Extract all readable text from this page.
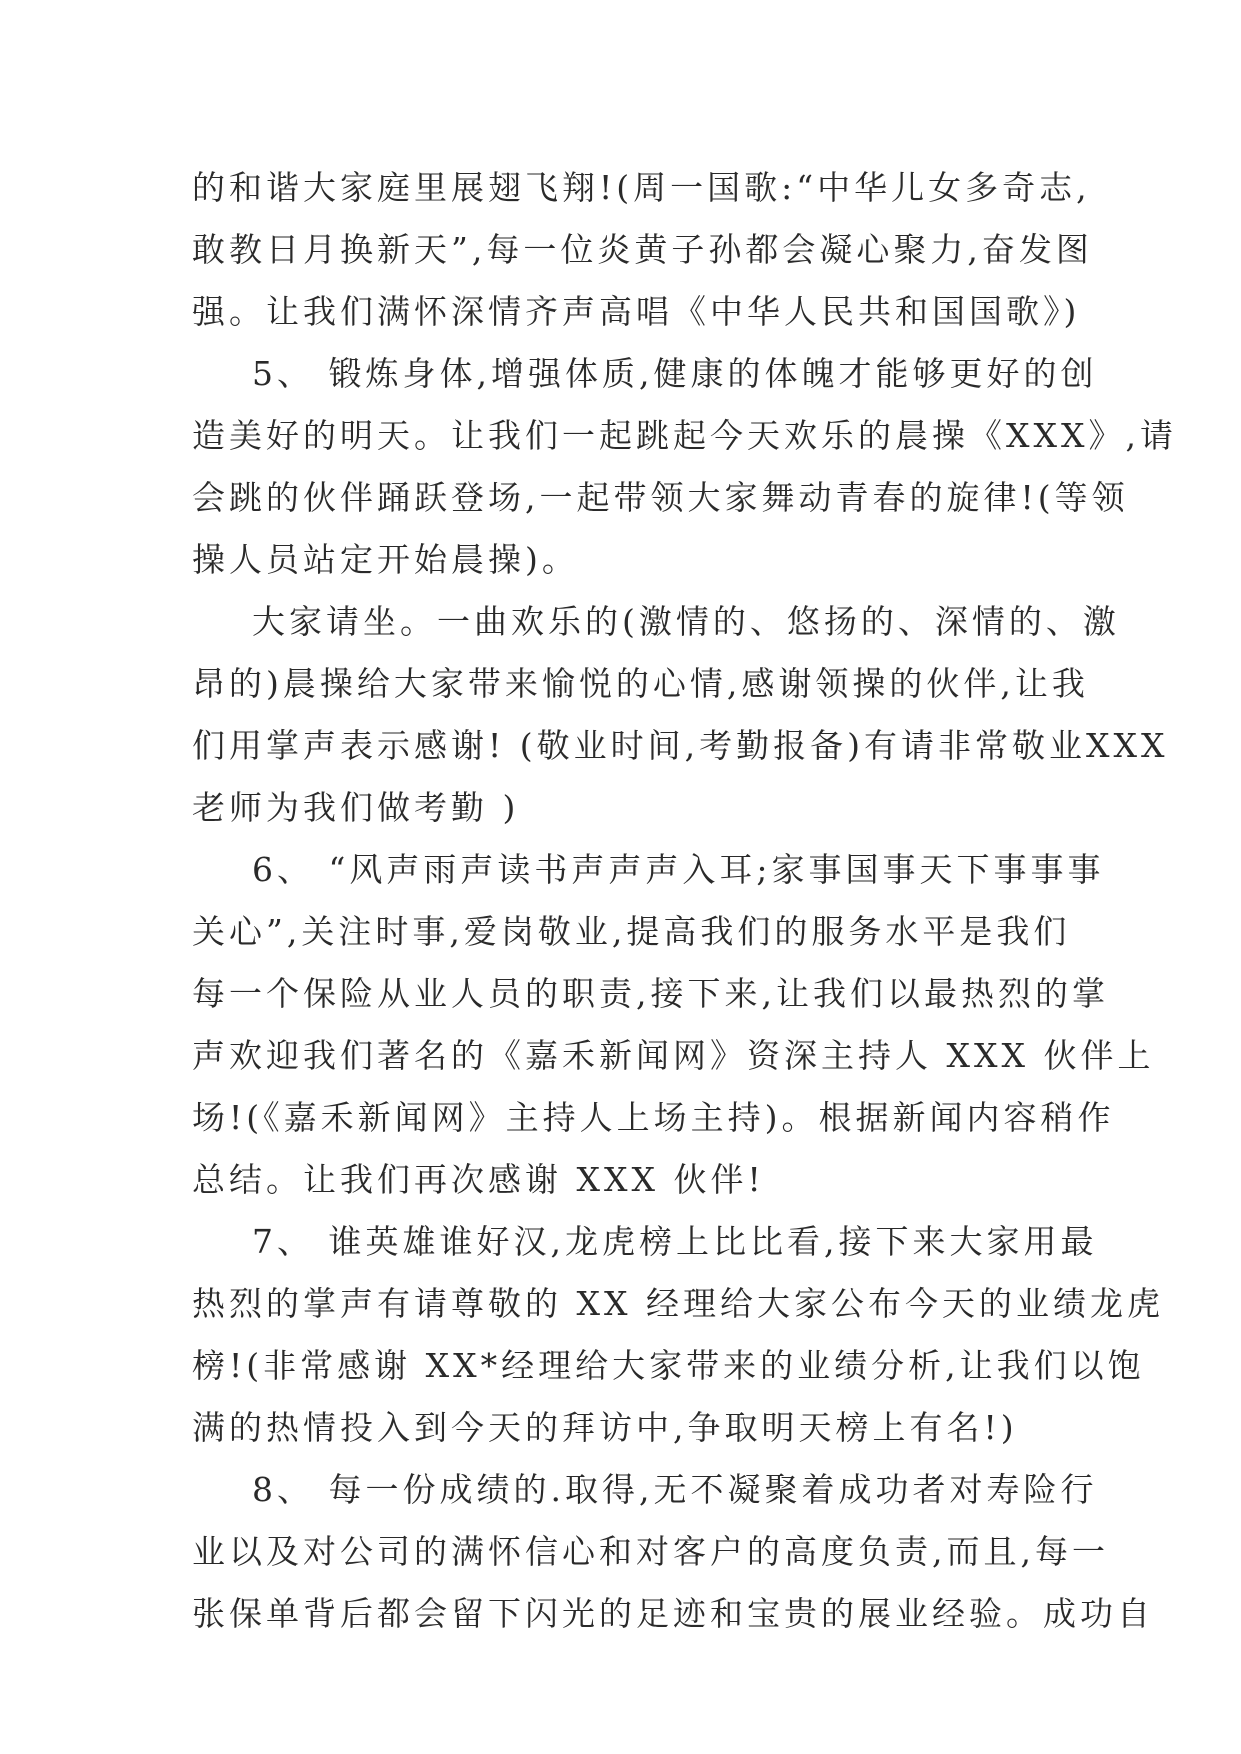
的和谐大家庭里展翅飞翔!(周一国歌:“中华儿女多奇志,
敢教日月换新天”,每一位炎黄子孙都会凝心聚力,奋发图
强。让我们满怀深情齐声高唱《中华人民共和国国歌》)
5、 锻炼身体,增强体质,健康的体魄才能够更好的创
造美好的明天。让我们一起跳起今天欢乐的晨操《XXX》,请
会跳的伙伴踊跃登场,一起带领大家舞动青春的旋律!(等领
操人员站定开始晨操)。
大家请坐。一曲欢乐的(激情的、悠扬的、深情的、激
昂的)晨操给大家带来愉悦的心情,感谢领操的伙伴,让我
们用掌声表示感谢! (敬业时间,考勤报备)有请非常敬业XXX
老师为我们做考勤 )
6、 “风声雨声读书声声声入耳;家事国事天下事事事
关心”,关注时事,爱岗敬业,提高我们的服务水平是我们
每一个保险从业人员的职责,接下来,让我们以最热烈的掌
声欢迎我们著名的《嘉禾新闻网》资深主持人 XXX 伙伴上
场!(《嘉禾新闻网》主持人上场主持)。根据新闻内容稍作
总结。让我们再次感谢 XXX 伙伴!
7、 谁英雄谁好汉,龙虎榜上比比看,接下来大家用最
热烈的掌声有请尊敬的 XX 经理给大家公布今天的业绩龙虎
榜!(非常感谢 XX*经理给大家带来的业绩分析,让我们以饱
满的热情投入到今天的拜访中,争取明天榜上有名!)
8、 每一份成绩的.取得,无不凝聚着成功者对寿险行
业以及对公司的满怀信心和对客户的高度负责,而且,每一
张保单背后都会留下闪光的足迹和宝贵的展业经验。成功自
